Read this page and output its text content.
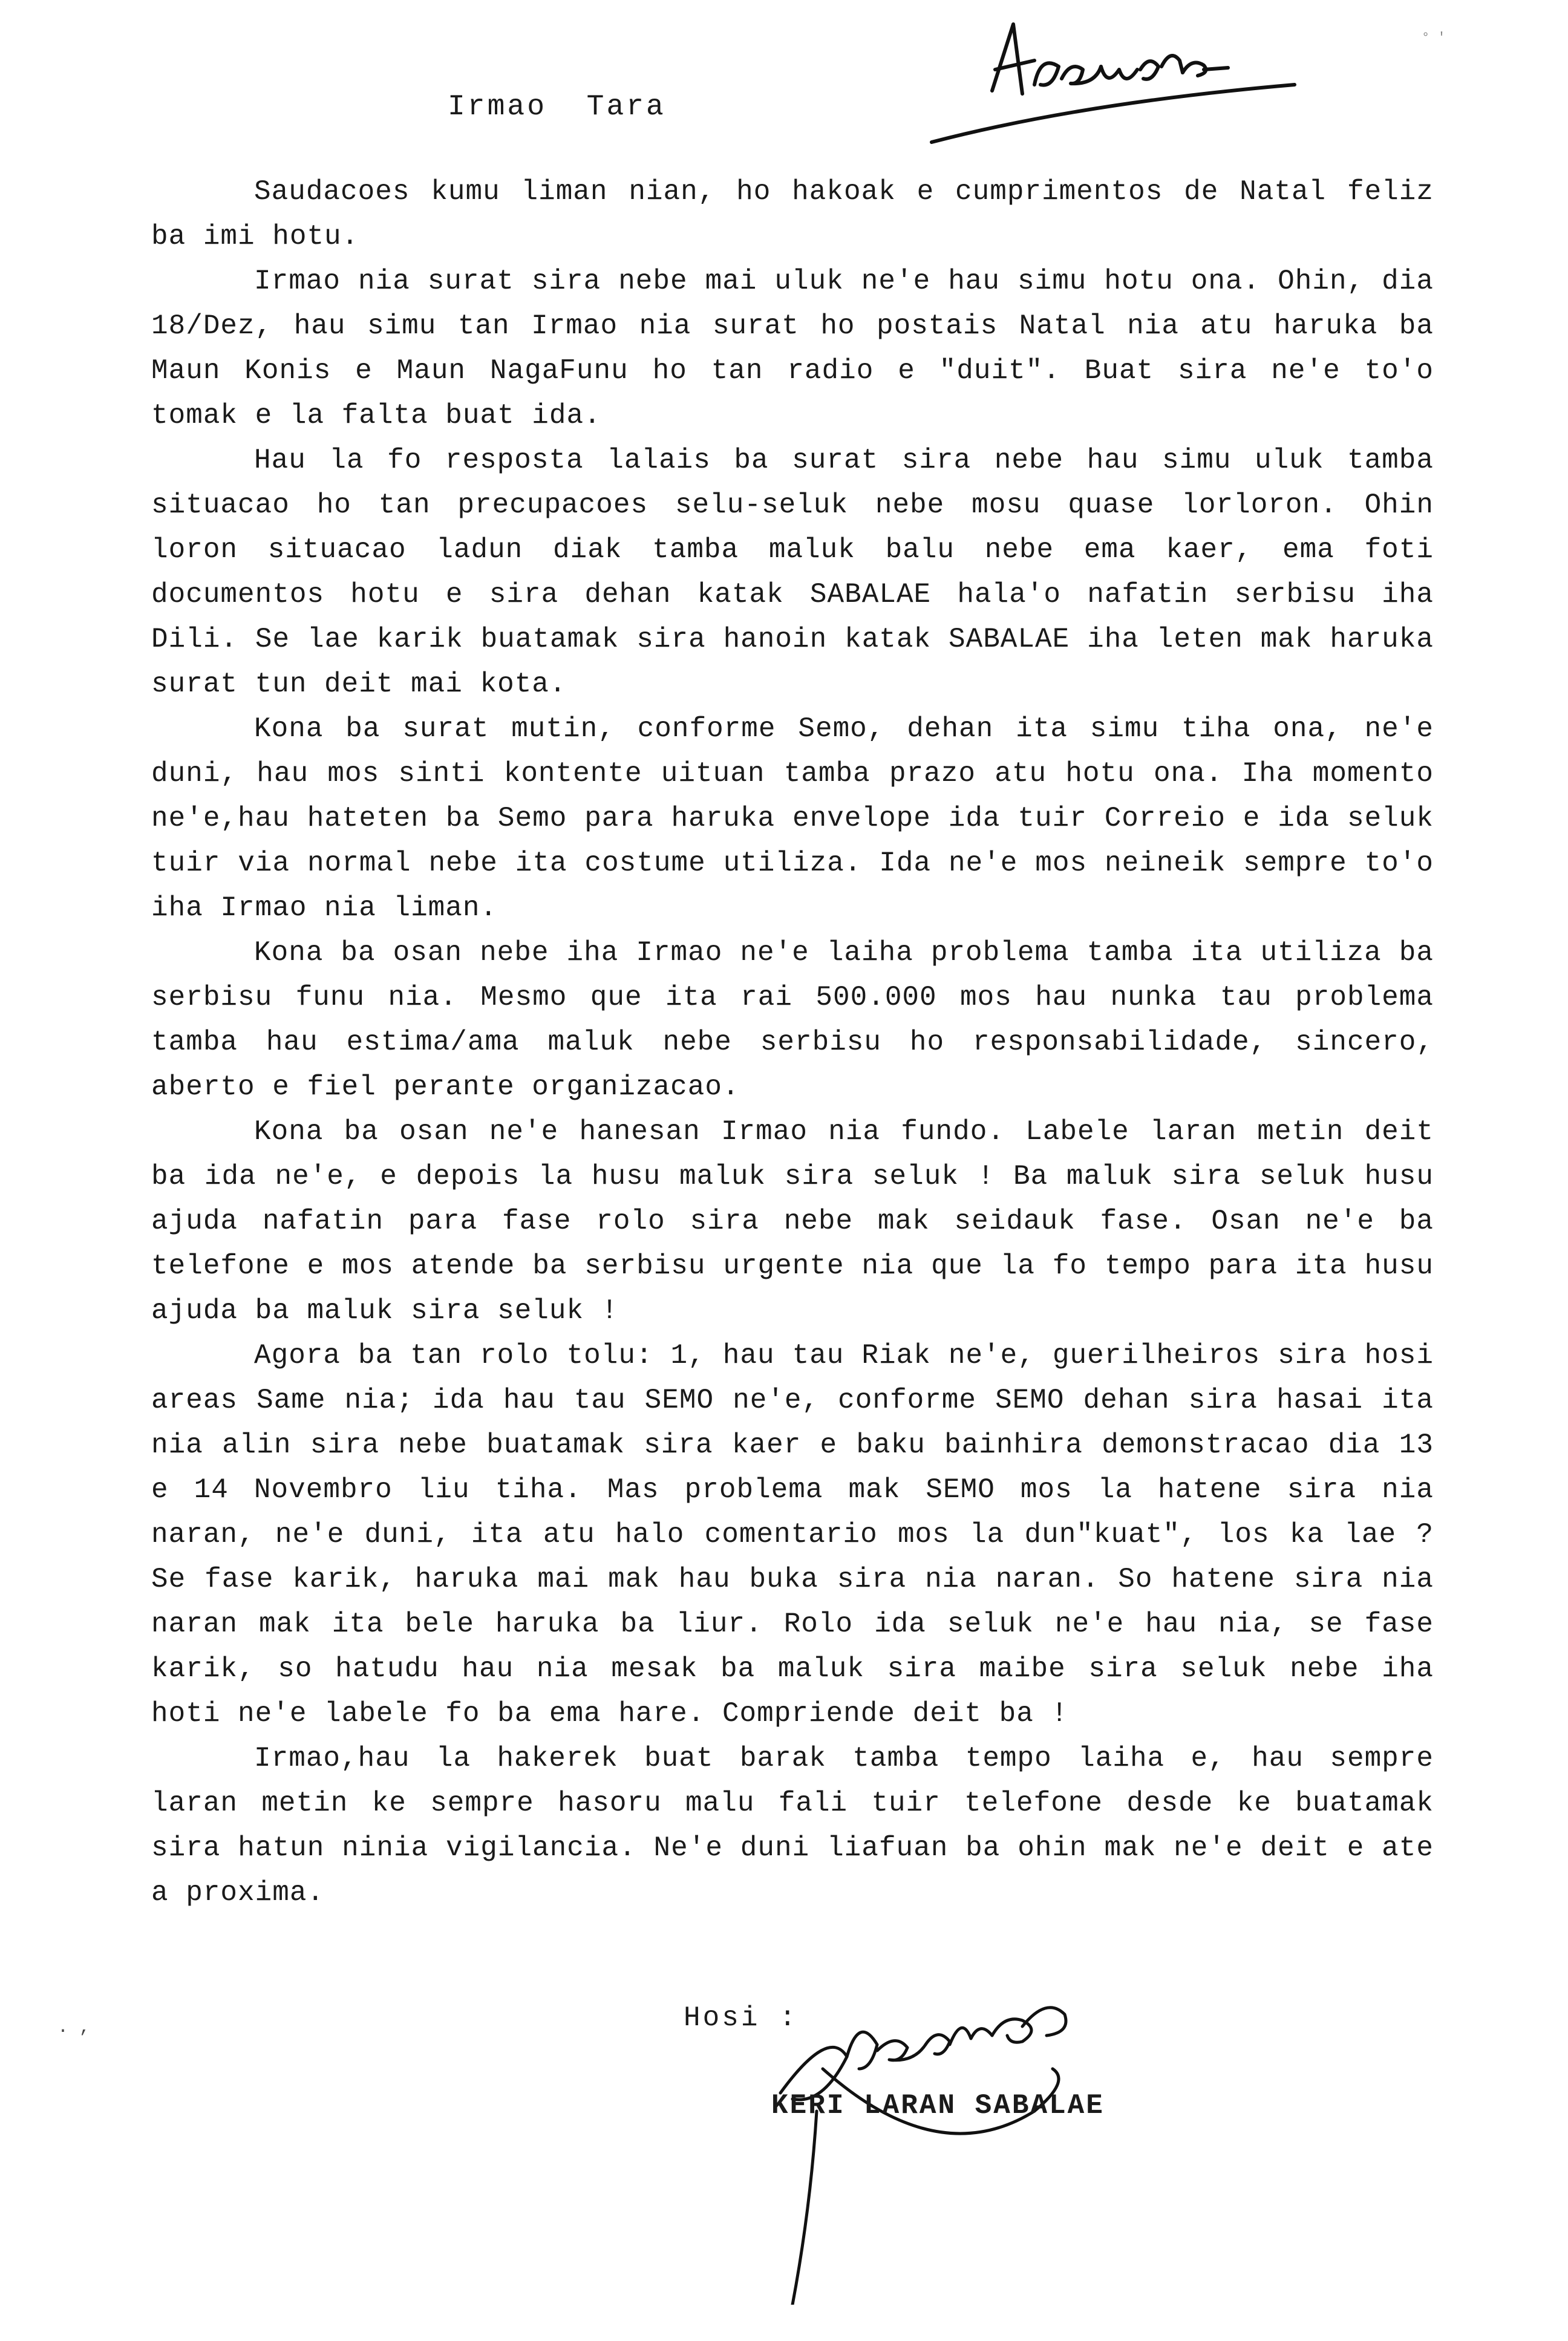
° '
Irmao  Tara

Saudacoes kumu liman nian, ho hakoak e cumprimentos de Natal feliz ba imi hotu.

Irmao nia surat sira nebe mai uluk ne'e hau simu hotu ona. Ohin, dia 18/Dez, hau simu tan Irmao nia surat ho postais Natal nia atu haruka ba Maun Konis e Maun NagaFunu ho tan radio e "duit". Buat sira ne'e to'o tomak e la falta buat ida.

Hau la fo resposta lalais ba surat sira nebe hau simu uluk tamba situacao ho tan precupacoes selu-seluk nebe mosu quase lorloron. Ohin loron situacao ladun diak tamba maluk balu nebe ema kaer, ema foti documentos hotu e sira dehan katak SABALAE hala'o nafatin serbisu iha Dili. Se lae karik buatamak sira hanoin katak SABALAE iha leten mak haruka surat tun deit mai kota.

Kona ba surat mutin, conforme Semo, dehan ita simu tiha ona, ne'e duni, hau mos sinti kontente uituan tamba prazo atu hotu ona. Iha momento ne'e,hau hateten ba Semo para haruka envelope ida tuir Correio e ida seluk tuir via normal nebe ita costume utiliza. Ida ne'e mos neineik sempre to'o iha Irmao nia liman.

Kona ba osan nebe iha Irmao ne'e laiha problema tamba ita utiliza ba serbisu funu nia. Mesmo que ita rai 500.000 mos hau nunka tau problema tamba hau estima/ama maluk nebe serbisu ho responsabilidade, sincero, aberto e fiel perante organizacao.

Kona ba osan ne'e hanesan Irmao nia fundo. Labele laran metin deit ba ida ne'e, e depois la husu maluk sira seluk ! Ba maluk sira seluk husu ajuda nafatin para fase rolo sira nebe mak seidauk fase. Osan ne'e ba telefone e mos atende ba serbisu urgente nia que la fo tempo para ita husu ajuda ba maluk sira seluk !

Agora ba tan rolo tolu: 1, hau tau Riak ne'e, guerilheiros sira hosi areas Same nia; ida hau tau SEMO ne'e, conforme SEMO dehan sira hasai ita nia alin sira nebe buatamak sira kaer e baku bainhira demonstracao dia 13 e 14 Novembro liu tiha. Mas problema mak SEMO mos la hatene sira nia naran, ne'e duni, ita atu halo comentario mos la dun"kuat", los ka lae ? Se fase karik, haruka mai mak hau buka sira nia naran. So hatene sira nia naran mak ita bele haruka ba liur. Rolo ida seluk ne'e hau nia, se fase karik, so hatudu hau nia mesak ba maluk sira maibe sira seluk nebe iha hoti ne'e labele fo ba ema hare. Compriende deit ba !

Irmao,hau la hakerek buat barak tamba tempo laiha e, hau sempre laran metin ke sempre hasoru malu fali tuir telefone desde ke buatamak sira hatun ninia vigilancia. Ne'e duni liafuan ba ohin mak ne'e deit e ate a proxima.

Hosi :
KERI LARAN SABALAE
. ,
